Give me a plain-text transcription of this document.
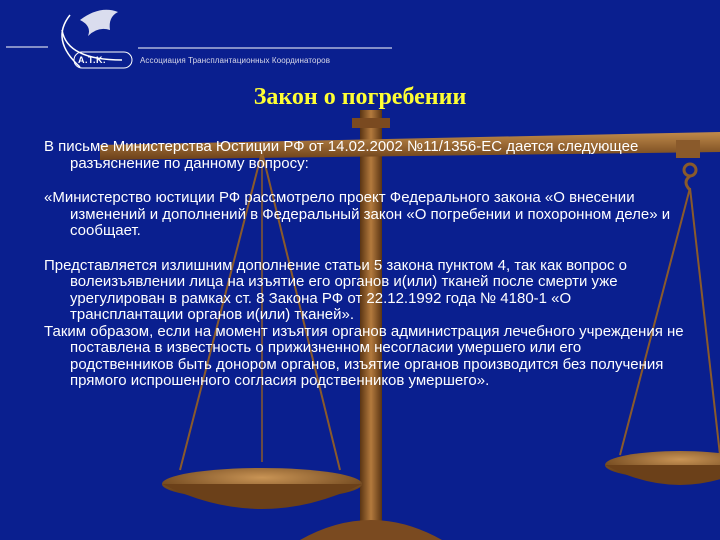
A.T.K.	Ассоциация Трансплантационных Координаторов
Закон о погребении

В письме Министерства Юстиции РФ от 14.02.2002 №11/1356-ЕС дается следующее разъяснение по данному вопросу:

«Министерство юстиции РФ рассмотрело проект Федерального закона «О внесении изменений и дополнений в Федеральный закон «О погребении и похоронном деле» и сообщает.

Представляется излишним дополнение статьи 5 закона пунктом 4, так как вопрос о волеизъявлении лица на изъятие его органов и(или) тканей после смерти уже урегулирован в рамках ст. 8 Закона РФ от 22.12.1992 года № 4180-1 «О трансплантации органов и(или) тканей».

Таким образом, если на момент изъятия органов администрация лечебного учреждения не поставлена в известность о прижизненном несогласии умершего или его родственников быть донором органов, изъятие органов производится без получения прямого испрошенного согласия родственников умершего».
